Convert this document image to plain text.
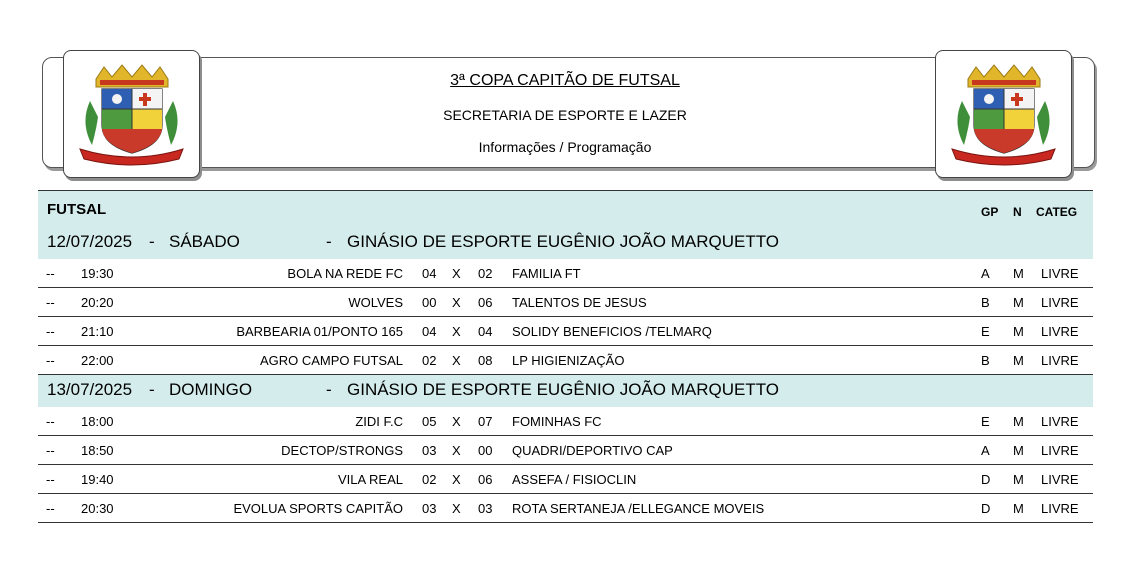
3ª COPA CAPITÃO DE FUTSAL
SECRETARIA DE ESPORTE E LAZER
Informações / Programação
FUTSAL	GP N CATEG
12/07/2025 - SÁBADO	- GINÁSIO DE ESPORTE EUGÊNIO JOÃO MARQUETTO
-- 19:30	BOLA NA REDE FC 04 X 02 FAMILIA FT	A M LIVRE
-- 20:20	WOLVES 00 X 06 TALENTOS DE JESUS	B M LIVRE
-- 21:10	BARBEARIA 01/PONTO 165 04 X 04 SOLIDY BENEFICIOS /TELMARQ	E M LIVRE
-- 22:00	AGRO CAMPO FUTSAL 02 X 08 LP HIGIENIZAÇÃO	B M LIVRE
13/07/2025 - DOMINGO	- GINÁSIO DE ESPORTE EUGÊNIO JOÃO MARQUETTO
-- 18:00	ZIDI F.C 05 X 07 FOMINHAS FC	E M LIVRE
-- 18:50	DECTOP/STRONGS 03 X 00 QUADRI/DEPORTIVO CAP	A M LIVRE
-- 19:40	VILA REAL 02 X 06 ASSEFA / FISIOCLIN	D M LIVRE
-- 20:30	EVOLUA SPORTS CAPITÃO 03 X 03 ROTA SERTANEJA /ELLEGANCE MOVEIS	D M LIVRE
